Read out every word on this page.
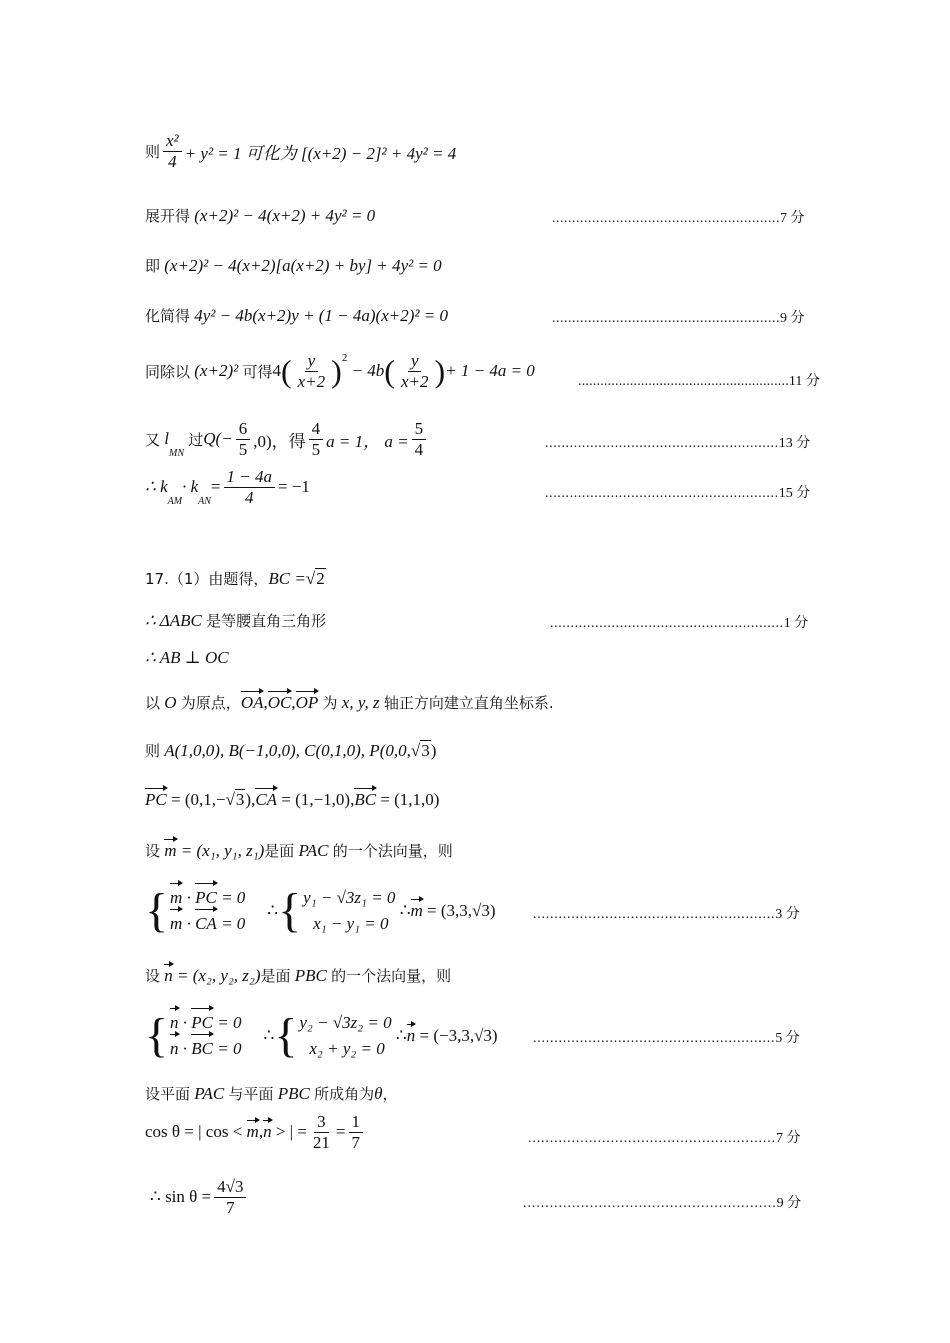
则 $\frac{\text{x²}}{4} + y^2 = 1$ 可化为 [(x+2) − 2]² + 4y² = 4
展开得
(x+2)² − 4(x+2) + 4y² = 0	.........................................................7 分
即
(x+2)² − 4(x+2)[a(x+2) + by] + 4y² = 0
化简得
4y² − 4b(x+2)y + (1 − 4a)(x+2)² = 0	.........................................................9 分
同除以
(x+2)²
可得 4 ( $\frac{y}{x+2} )^2$

− 4b ( $\frac{y}{x+2}$ ) + 1 − 4a = 0
.........................................................11 分
又
l
$_{MN}$

过 $Q(- \frac{6}{5} ,0)$，得 $\frac{4}{5}$ a = 1， $a = \frac{5}{4}$	.........................................................13 分
∴ k
$_{AM}$
· k
$_{AN}$
= $\frac{1 - 4a}{4} = -1$	.........................................................15 分
17.（1）由题得， BC = √2
∴ ΔABC
是等腰直角三角形	.........................................................1 分
∴ AB ⊥ OC
以
O
为原点， OA , OC , OP
为
x, y, z
轴正方向建立直角坐标系.
则
A(1,0,0), B(−1,0,0), C(0,1,0), P(0,0, √3 )
PC
= (0,1,− √3 ), CA
= (1,−1,0), BC
= (1,1,0)
设
m
= (x₁, y₁, z₁) 是面
PAC
的一个法向量，则
{ m · PC = 0
m · CA = 0
∴ { y₁ − √3z₁ = 0
x₁ − y₁ = 0

∴ m
= (3,3,√3)	.........................................................3 分
设
n
= (x₂, y₂, z₂) 是面
PBC
的一个法向量，则
{ n · PC = 0
n · BC = 0
∴ { y₂ − √3z₂ = 0
x₂ + y₂ = 0

∴ n
= (−3,3,√3)	.........................................................5 分
设平面
PAC
与平面
PBC
所成角为 θ ，
cos θ = | cos <
m , n
> | = $\frac{3}{21} = \frac{1}{7}$	.........................................................7 分
∴ $\sin \theta = \frac{4√3}{7}$	.........................................................9 分
